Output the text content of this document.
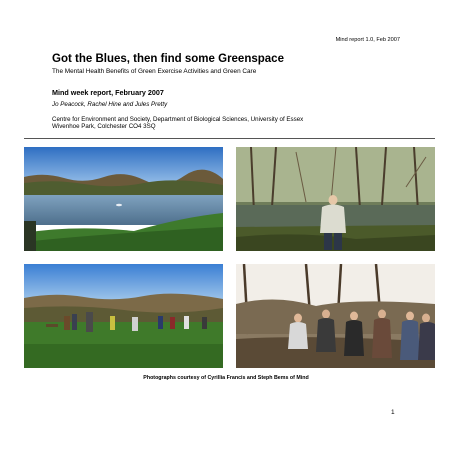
Mind report 1.0, Feb 2007
Got the Blues, then find some Greenspace
The Mental Health Benefits of Green Exercise Activities and Green Care
Mind week report, February 2007
Jo Peacock, Rachel Hine and Jules Pretty
Centre for Environment and Society, Department of Biological Sciences, University of Essex
Wivenhoe Park, Colchester CO4 3SQ
Photographs courtesy of Cyrillia Francis and Steph Bems of Mind
1
